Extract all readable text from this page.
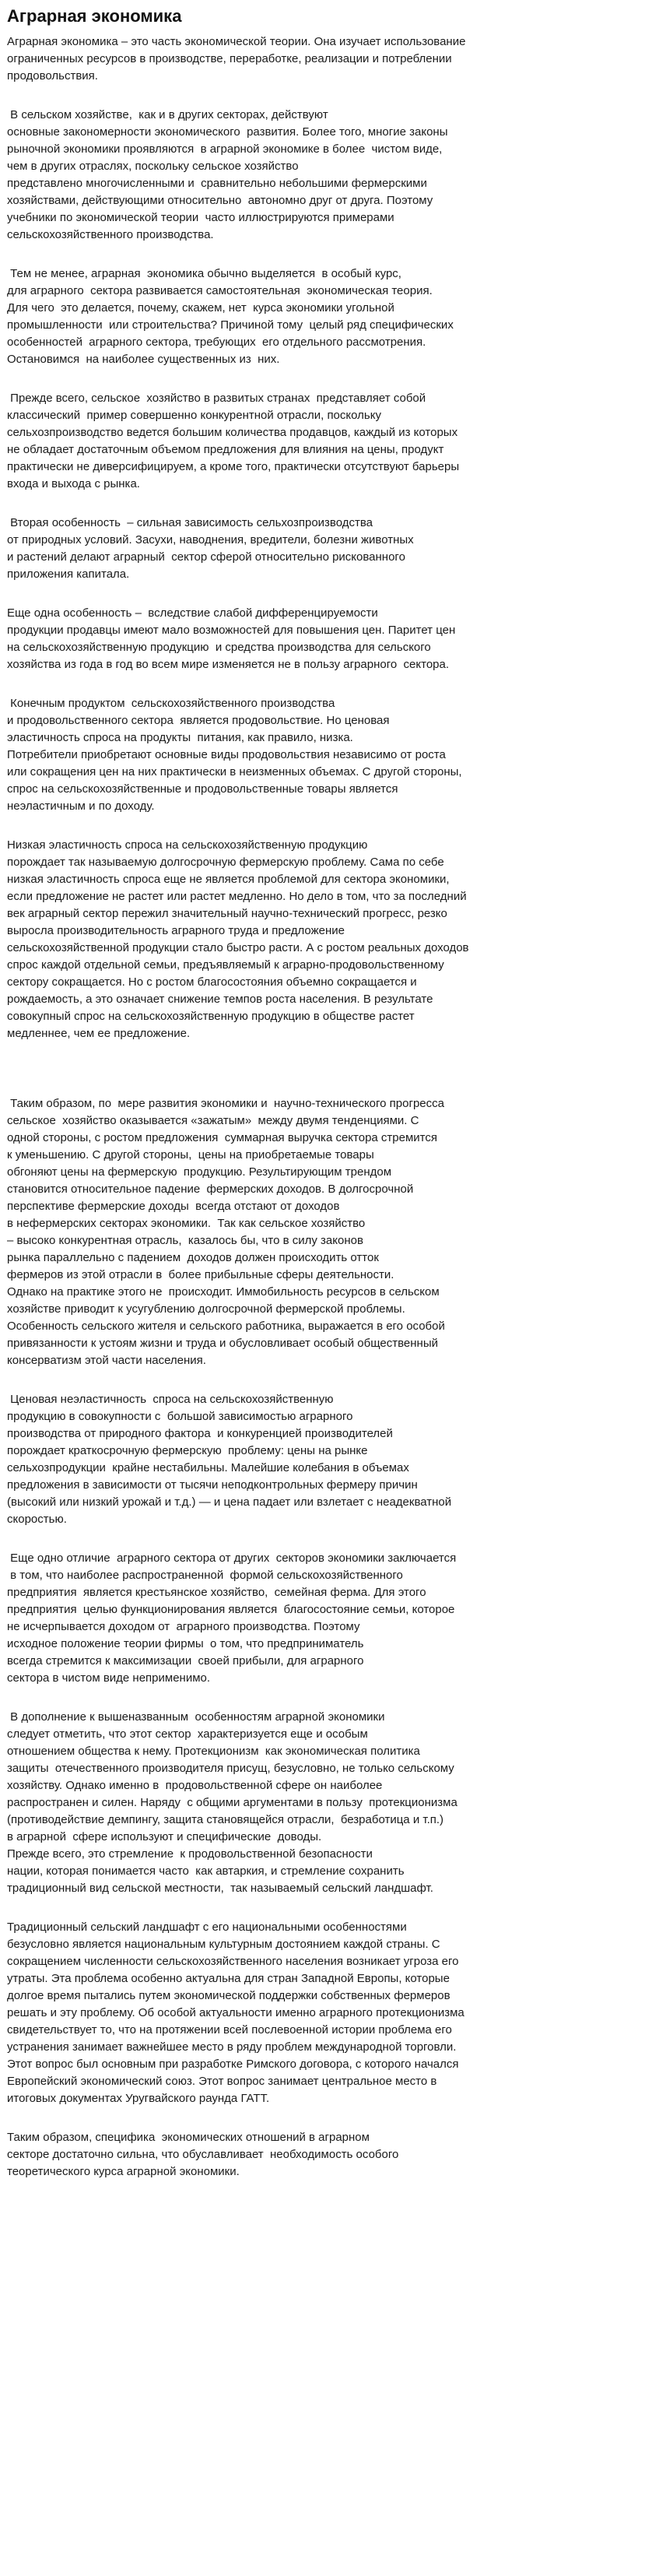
Аграрная экономика
Аграрная экономика – это часть экономической теории. Она изучает использование
ограниченных ресурсов в производстве, переработке, реализации и потреблении
продовольствия.
В сельском хозяйстве,  как и в других секторах, действуют
основные закономерности экономического  развития. Более того, многие законы
рыночной экономики проявляются  в аграрной экономике в более  чистом виде,
чем в других отраслях, поскольку сельское хозяйство
представлено многочисленными и  сравнительно небольшими фермерскими
хозяйствами, действующими относительно  автономно друг от друга. Поэтому
учебники по экономической теории  часто иллюстрируются примерами
сельскохозяйственного производства.
Тем не менее, аграрная  экономика обычно выделяется  в особый курс,
для аграрного  сектора развивается самостоятельная  экономическая теория.
Для чего  это делается, почему, скажем, нет  курса экономики угольной
промышленности  или строительства? Причиной тому  целый ряд специфических
особенностей  аграрного сектора, требующих  его отдельного рассмотрения.
Остановимся  на наиболее существенных из  них.
Прежде всего, сельское  хозяйство в развитых странах  представляет собой
классический  пример совершенно конкурентной отрасли, поскольку
сельхозпроизводство ведется большим количества продавцов, каждый из которых
не обладает достаточным объемом предложения для влияния на цены, продукт
практически не диверсифицируем, а кроме того, практически отсутствуют барьеры
входа и выхода с рынка.
Вторая особенность  – сильная зависимость сельхозпроизводства
от природных условий. Засухи, наводнения, вредители, болезни животных
и растений делают аграрный  сектор сферой относительно рискованного
приложения капитала.
Еще одна особенность –  вследствие слабой дифференцируемости
продукции продавцы имеют мало возможностей для повышения цен. Паритет цен
на сельскохозяйственную продукцию  и средства производства для сельского
хозяйства из года в год во всем мире изменяется не в пользу аграрного  сектора.
Конечным продуктом  сельскохозяйственного производства
и продовольственного сектора  является продовольствие. Но ценовая
эластичность спроса на продукты  питания, как правило, низка.
Потребители приобретают основные виды продовольствия независимо от роста
или сокращения цен на них практически в неизменных объемах. С другой стороны,
спрос на сельскохозяйственные и продовольственные товары является
неэластичным и по доходу.
Низкая эластичность спроса на сельскохозяйственную продукцию
порождает так называемую долгосрочную фермерскую проблему. Сама по себе
низкая эластичность спроса еще не является проблемой для сектора экономики,
если предложение не растет или растет медленно. Но дело в том, что за последний
век аграрный сектор пережил значительный научно-технический прогресс, резко
выросла производительность аграрного труда и предложение
сельскохозяйственной продукции стало быстро расти. А с ростом реальных доходов
спрос каждой отдельной семьи, предъявляемый к аграрно-продовольственному
сектору сокращается. Но с ростом благосостояния объемно сокращается и
рождаемость, а это означает снижение темпов роста населения. В результате
совокупный спрос на сельскохозяйственную продукцию в обществе растет
медленнее, чем ее предложение.
Таким образом, по  мере развития экономики и  научно-технического прогресса
сельское  хозяйство оказывается «зажатым»  между двумя тенденциями. С
одной стороны, с ростом предложения  суммарная выручка сектора стремится
к уменьшению. С другой стороны,  цены на приобретаемые товары
обгоняют цены на фермерскую  продукцию. Результирующим трендом
становится относительное падение  фермерских доходов. В долгосрочной
перспективе фермерские доходы  всегда отстают от доходов
в нефермерских секторах экономики.  Так как сельское хозяйство
– высоко конкурентная отрасль,  казалось бы, что в силу законов
рынка параллельно с падением  доходов должен происходить отток
фермеров из этой отрасли в  более прибыльные сферы деятельности.
Однако на практике этого не  происходит. Иммобильность ресурсов в сельском
хозяйстве приводит к усугублению долгосрочной фермерской проблемы.
Особенность сельского жителя и сельского работника, выражается в его особой
привязанности к устоям жизни и труда и обусловливает особый общественный
консерватизм этой части населения.
Ценовая неэластичность  спроса на сельскохозяйственную
продукцию в совокупности с  большой зависимостью аграрного
производства от природного фактора  и конкуренцией производителей
порождает краткосрочную фермерскую  проблему: цены на рынке
сельхозпродукции  крайне нестабильны. Малейшие колебания в объемах
предложения в зависимости от тысячи неподконтрольных фермеру причин
(высокий или низкий урожай и т.д.) — и цена падает или взлетает с неадекватной
скоростью.
Еще одно отличие  аграрного сектора от других  секторов экономики заключается
в том, что наиболее распространенной  формой сельскохозяйственного
предприятия  является крестьянское хозяйство,  семейная ферма. Для этого
предприятия  целью функционирования является  благосостояние семьи, которое
не исчерпывается доходом от  аграрного производства. Поэтому
исходное положение теории фирмы  о том, что предприниматель
всегда стремится к максимизации  своей прибыли, для аграрного
сектора в чистом виде неприменимо.
В дополнение к вышеназванным  особенностям аграрной экономики
следует отметить, что этот сектор  характеризуется еще и особым
отношением общества к нему. Протекционизм  как экономическая политика
защиты  отечественного производителя присущ, безусловно, не только сельскому
хозяйству. Однако именно в  продовольственной сфере он наиболее
распространен и силен. Наряду  с общими аргументами в пользу  протекционизма
(противодействие демпингу, защита становящейся отрасли,  безработица и т.п.)
в аграрной  сфере используют и специфические  доводы.
Прежде всего, это стремление  к продовольственной безопасности
нации, которая понимается часто  как автаркия, и стремление сохранить
традиционный вид сельской местности,  так называемый сельский ландшафт.
Традиционный сельский ландшафт с его национальными особенностями
безусловно является национальным культурным достоянием каждой страны. С
сокращением численности сельскохозяйственного населения возникает угроза его
утраты. Эта проблема особенно актуальна для стран Западной Европы, которые
долгое время пытались путем экономической поддержки собственных фермеров
решать и эту проблему. Об особой актуальности именно аграрного протекционизма
свидетельствует то, что на протяжении всей послевоенной истории проблема его
устранения занимает важнейшее место в ряду проблем международной торговли.
Этот вопрос был основным при разработке Римского договора, с которого начался
Европейский экономический союз. Этот вопрос занимает центральное место в
итоговых документах Уругвайского раунда ГАТТ.
Таким образом, специфика  экономических отношений в аграрном
секторе достаточно сильна, что обуславливает  необходимость особого
теоретического курса аграрной экономики.
